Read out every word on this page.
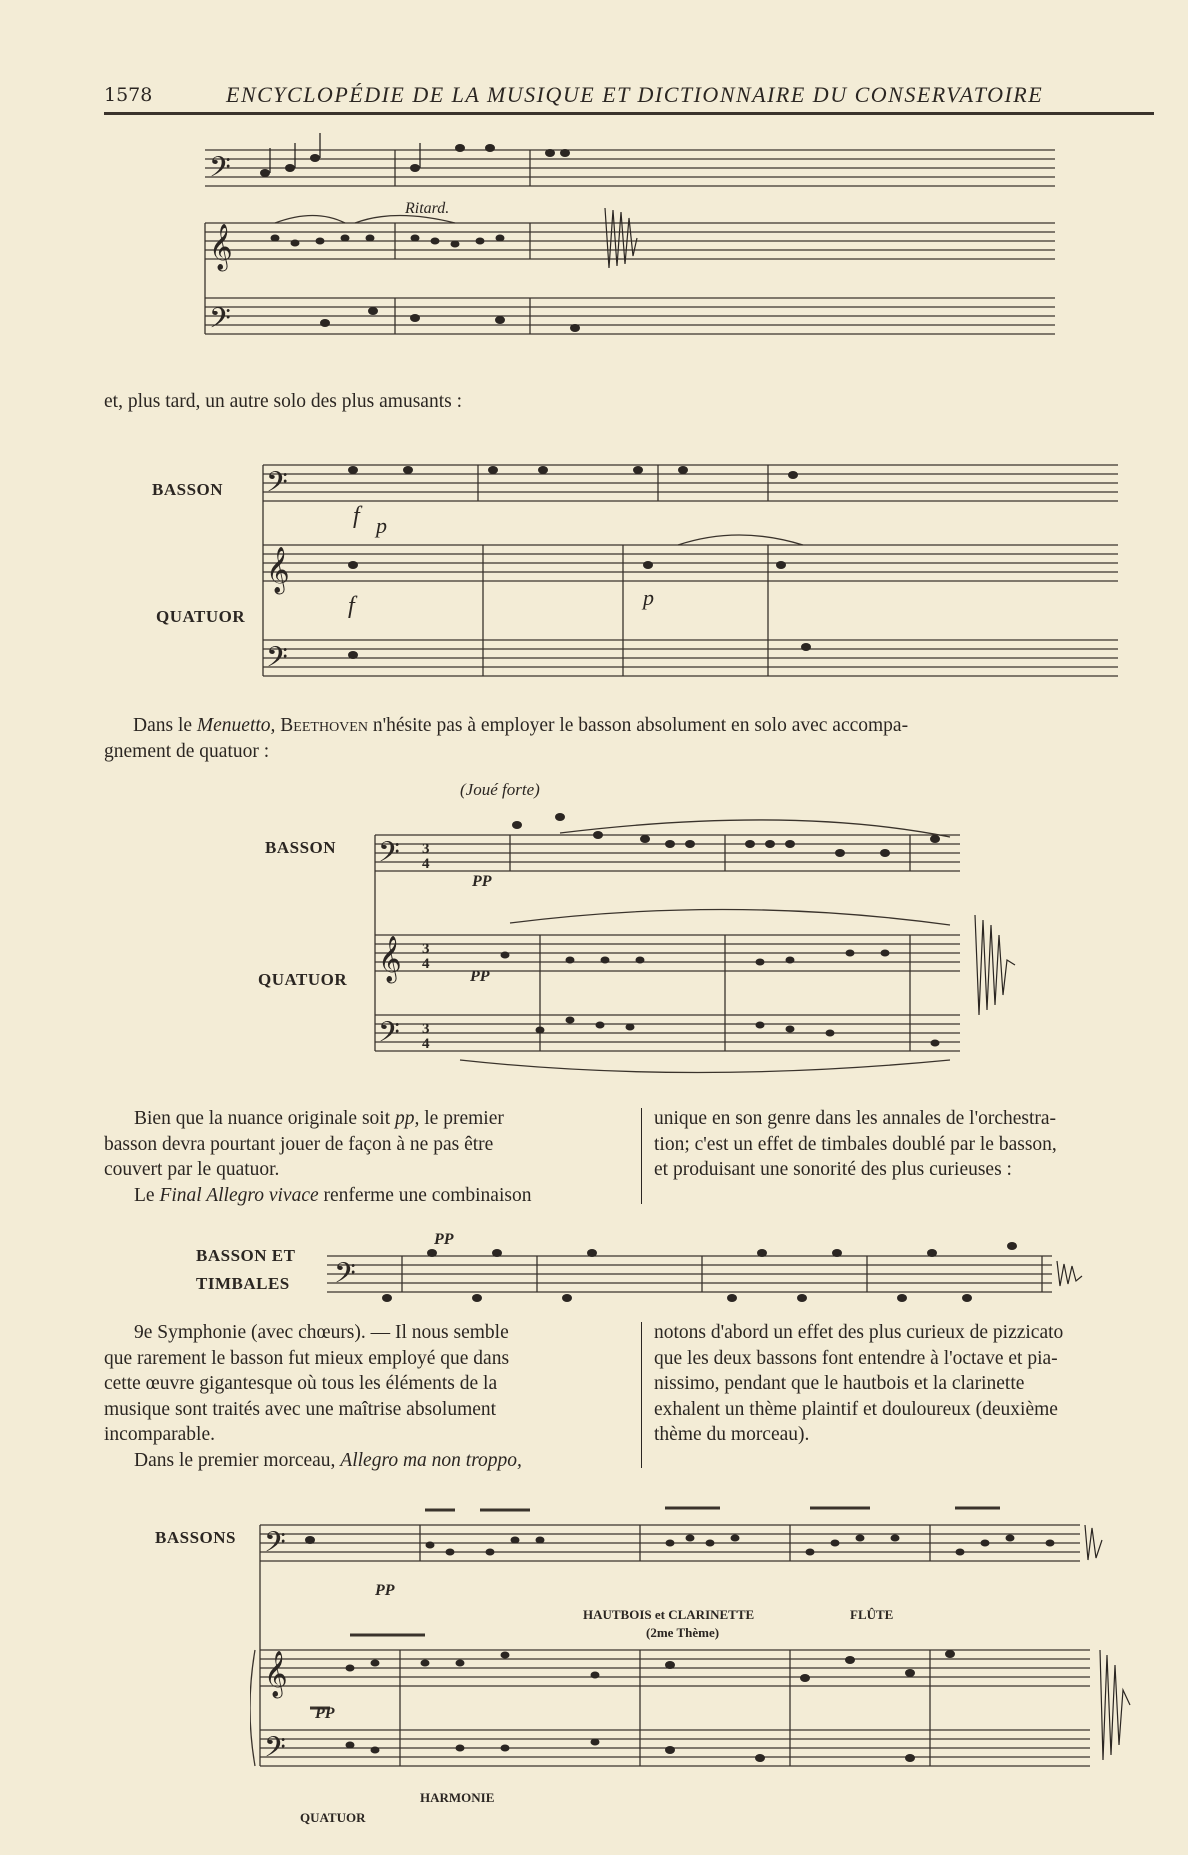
1578	ENCYCLOPÉDIE DE LA MUSIQUE ET DICTIONNAIRE DU CONSERVATOIRE
𝄢
𝄞
𝄢
Ritard.
et, plus tard, un autre solo des plus amusants :
BASSON
QUATUOR
𝄢
𝄞
𝄢
f p
f	p
Dans le Menuetto, Beethoven n'hésite pas à employer le basson absolument en solo avec accompa-
gnement de quatuor :
BASSON
QUATUOR
𝄢
𝄞
𝄢
3
4
3
4
3
4
(Joué forte)
PP
PP
Bien que la nuance originale soit pp, le premier
basson devra pourtant jouer de façon à ne pas être
couvert par le quatuor.
Le Final Allegro vivace renferme une combinaison
unique en son genre dans les annales de l'orchestra-
tion; c'est un effet de timbales doublé par le basson,
et produisant une sonorité des plus curieuses :
BASSON ET
TIMBALES 𝄢
PP
9e Symphonie (avec chœurs). — Il nous semble
que rarement le basson fut mieux employé que dans
cette œuvre gigantesque où tous les éléments de la
musique sont traités avec une maîtrise absolument
incomparable.
Dans le premier morceau, Allegro ma non troppo,
notons d'abord un effet des plus curieux de pizzicato
que les deux bassons font entendre à l'octave et pia-
nissimo, pendant que le hautbois et la clarinette
exhalent un thème plaintif et douloureux (deuxième
thème du morceau).
BASSONS
HAUTBOIS et CLARINETTE
(2me Thème)
FLÛTE
QUATUOR
HARMONIE
𝄢
𝄞
𝄢
PP
PP
